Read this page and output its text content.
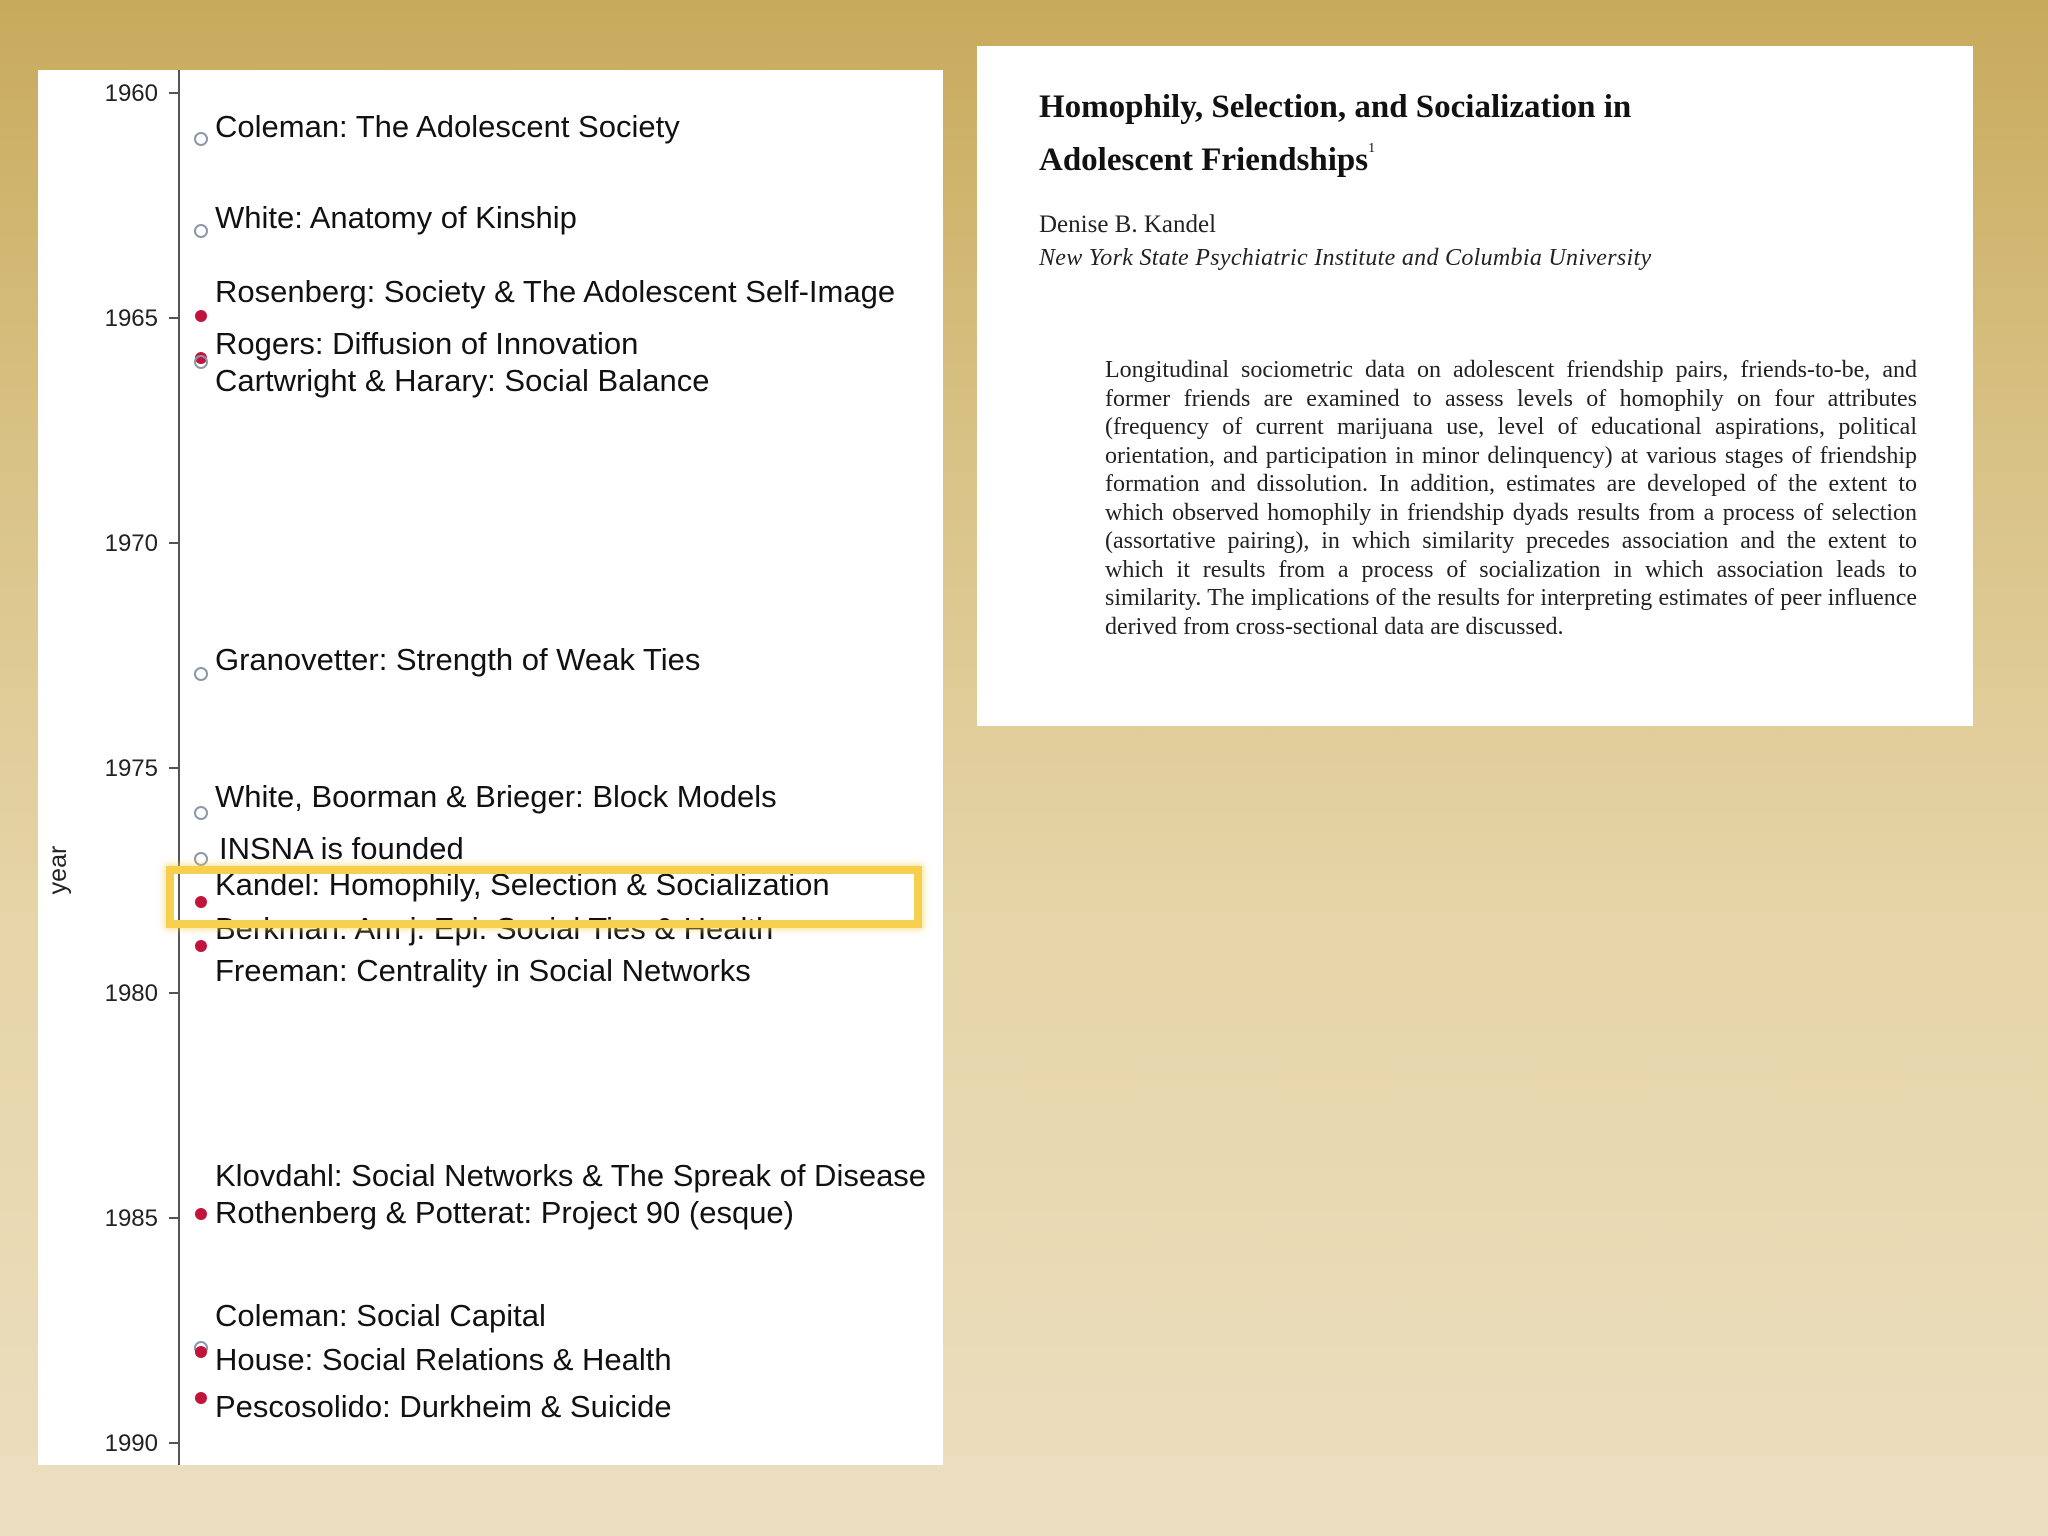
year
1960
1965
1970
1975
1980
1985
1990
Coleman: The Adolescent Society
White: Anatomy of Kinship
Rosenberg: Society & The Adolescent Self-Image
Rogers: Diffusion of Innovation
Cartwright & Harary: Social Balance
Granovetter: Strength of Weak Ties
White, Boorman & Brieger: Block Models
INSNA is founded
Kandel: Homophily, Selection & Socialization
Berkman: Am j. Epi: Social Ties & Health
Freeman: Centrality in Social Networks
Klovdahl: Social Networks & The Spreak of Disease
Rothenberg & Potterat: Project 90 (esque)
Coleman: Social Capital
House: Social Relations & Health
Pescosolido: Durkheim & Suicide
Homophily, Selection, and Socialization in
Adolescent Friendships$^1$
Denise B. Kandel
New York State Psychiatric Institute and Columbia University

Longitudinal sociometric data on adolescent friendship pairs, friends-to-be, and former friends are examined to assess levels of homophily on four attributes (frequency of current marijuana use, level of educational aspirations, political orientation, and participation in minor delinquency) at various stages of friendship formation and dissolution. In addition, estimates are developed of the extent to which observed homophily in friendship dyads results from a process of selection (assortative pairing), in which similarity precedes association and the extent to which it results from a process of socialization in which association leads to similarity. The implications of the results for interpreting estimates of peer influence derived from cross-sectional data are discussed.
